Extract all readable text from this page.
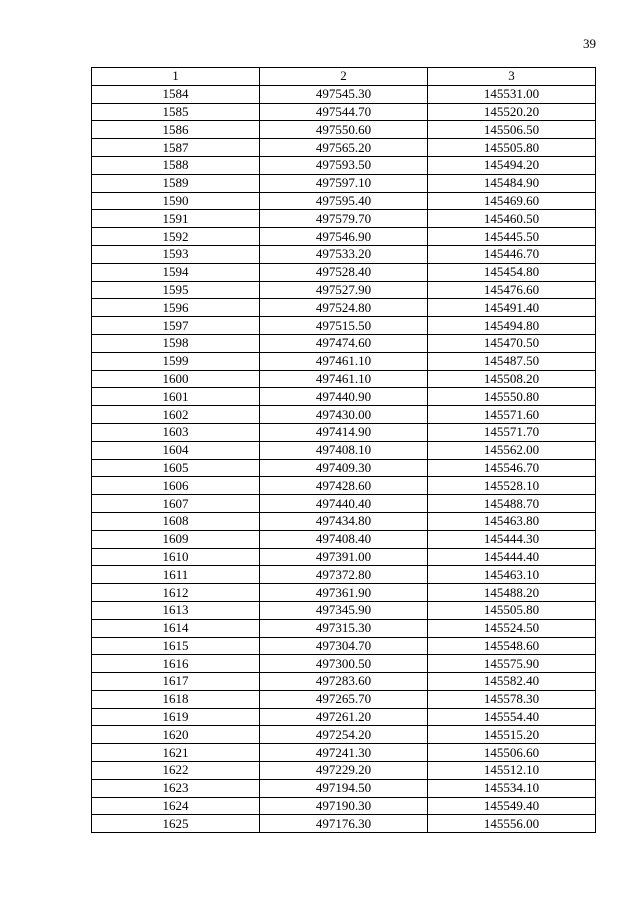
39
1	2	3
1584	497545.30	145531.00
1585	497544.70	145520.20
1586	497550.60	145506.50
1587	497565.20	145505.80
1588	497593.50	145494.20
1589	497597.10	145484.90
1590	497595.40	145469.60
1591	497579.70	145460.50
1592	497546.90	145445.50
1593	497533.20	145446.70
1594	497528.40	145454.80
1595	497527.90	145476.60
1596	497524.80	145491.40
1597	497515.50	145494.80
1598	497474.60	145470.50
1599	497461.10	145487.50
1600	497461.10	145508.20
1601	497440.90	145550.80
1602	497430.00	145571.60
1603	497414.90	145571.70
1604	497408.10	145562.00
1605	497409.30	145546.70
1606	497428.60	145528.10
1607	497440.40	145488.70
1608	497434.80	145463.80
1609	497408.40	145444.30
1610	497391.00	145444.40
1611	497372.80	145463.10
1612	497361.90	145488.20
1613	497345.90	145505.80
1614	497315.30	145524.50
1615	497304.70	145548.60
1616	497300.50	145575.90
1617	497283.60	145582.40
1618	497265.70	145578.30
1619	497261.20	145554.40
1620	497254.20	145515.20
1621	497241.30	145506.60
1622	497229.20	145512.10
1623	497194.50	145534.10
1624	497190.30	145549.40
1625	497176.30	145556.00
